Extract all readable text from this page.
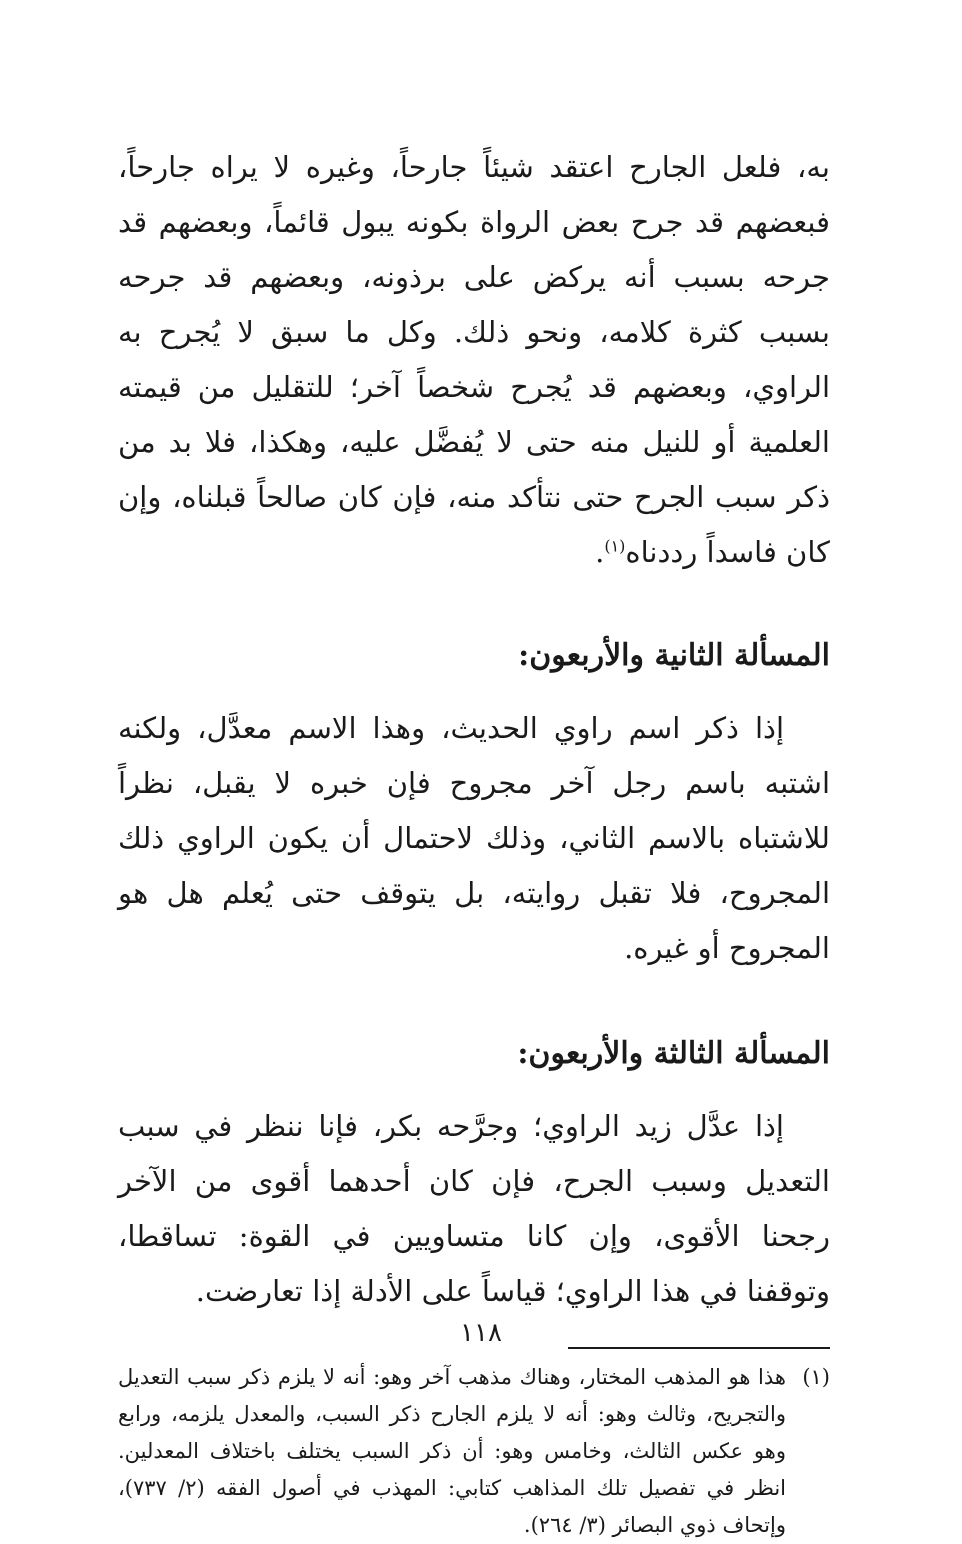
به، فلعل الجارح اعتقد شيئاً جارحاً، وغيره لا يراه جارحاً، فبعضهم قد جرح بعض الرواة بكونه يبول قائماً، وبعضهم قد جرحه بسبب أنه يركض على برذونه، وبعضهم قد جرحه بسبب كثرة كلامه، ونحو ذلك. وكل ما سبق لا يُجرح به الراوي، وبعضهم قد يُجرح شخصاً آخر؛ للتقليل من قيمته العلمية أو للنيل منه حتى لا يُفضَّل عليه، وهكذا، فلا بد من ذكر سبب الجرح حتى نتأكد منه، فإن كان صالحاً قبلناه، وإن كان فاسداً رددناه$^{(١)}$.

المسألة الثانية والأربعون:

إذا ذكر اسم راوي الحديث، وهذا الاسم معدَّل، ولكنه اشتبه باسم رجل آخر مجروح فإن خبره لا يقبل، نظراً للاشتباه بالاسم الثاني، وذلك لاحتمال أن يكون الراوي ذلك المجروح، فلا تقبل روايته، بل يتوقف حتى يُعلم هل هو المجروح أو غيره.

المسألة الثالثة والأربعون:

إذا عدَّل زيد الراوي؛ وجرَّحه بكر، فإنا ننظر في سبب التعديل وسبب الجرح، فإن كان أحدهما أقوى من الآخر رجحنا الأقوى، وإن كانا متساويين في القوة: تساقطا، وتوقفنا في هذا الراوي؛ قياساً على الأدلة إذا تعارضت.

(١)هذا هو المذهب المختار، وهناك مذهب آخر وهو: أنه لا يلزم ذكر سبب التعديل والتجريح، وثالث وهو: أنه لا يلزم الجارح ذكر السبب، والمعدل يلزمه، ورابع وهو عكس الثالث، وخامس وهو: أن ذكر السبب يختلف باختلاف المعدلين. انظر في تفصيل تلك المذاهب كتابي: المهذب في أصول الفقه (٢/ ٧٣٧)، وإتحاف ذوي البصائر (٣/ ٢٦٤).
١١٨
